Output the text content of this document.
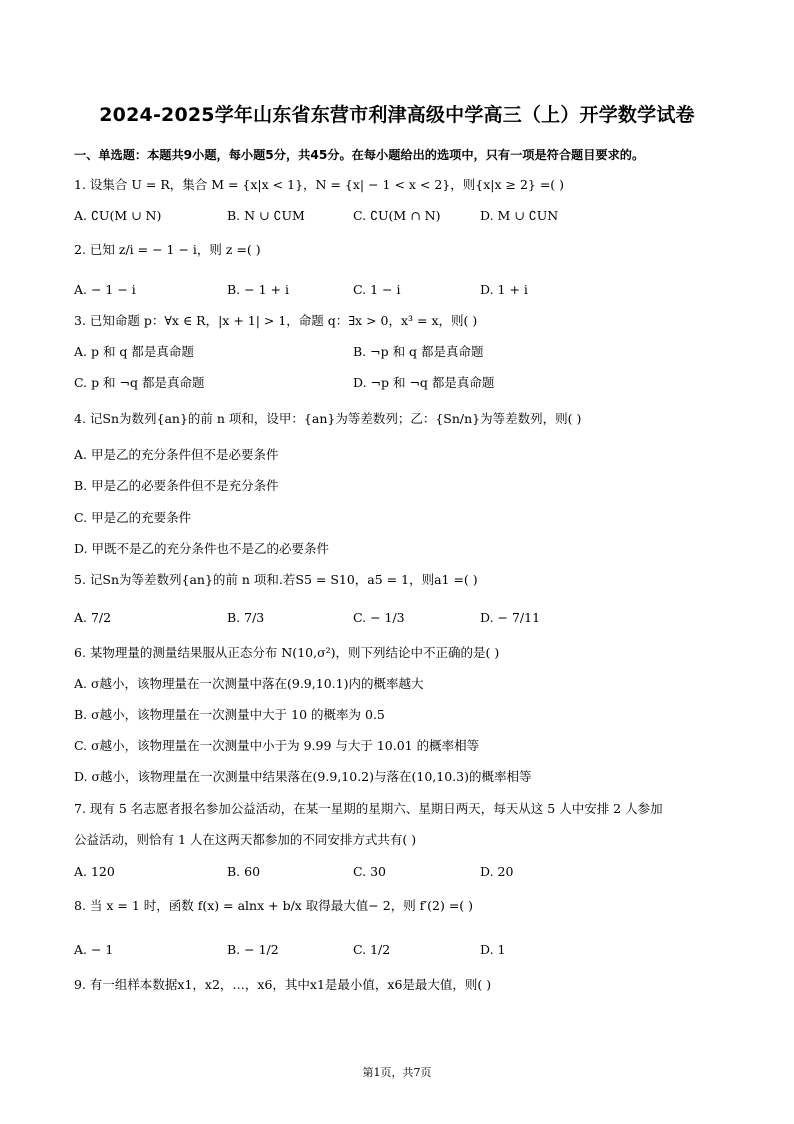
2024-2025学年山东省东营市利津高级中学高三（上）开学数学试卷
一、单选题：本题共9小题，每小题5分，共45分。在每小题给出的选项中，只有一项是符合题目要求的。
1. 设集合 U = R，集合 M = {x|x < 1}，N = {x| − 1 < x < 2}，则{x|x ≥ 2} =( )
A. ∁U(M ∪ N)	B. N ∪ ∁UM	C. ∁U(M ∩ N)	D. M ∪ ∁UN
2. 已知 z/i = − 1 − i，则 z =( )
A. − 1 − i	B. − 1 + i	C. 1 − i	D. 1 + i
3. 已知命题 p：∀x ∈ R，|x + 1| > 1，命题 q：∃x > 0，x³ = x，则( )
A. p 和 q 都是真命题	B. ¬p 和 q 都是真命题
C. p 和 ¬q 都是真命题	D. ¬p 和 ¬q 都是真命题
4. 记Sn为数列{an}的前 n 项和，设甲：{an}为等差数列；乙：{Sn/n}为等差数列，则( )
A. 甲是乙的充分条件但不是必要条件
B. 甲是乙的必要条件但不是充分条件
C. 甲是乙的充要条件
D. 甲既不是乙的充分条件也不是乙的必要条件
5. 记Sn为等差数列{an}的前 n 项和.若S5 = S10，a5 = 1，则a1 =( )
A. 7/2	B. 7/3	C. − 1/3	D. − 7/11
6. 某物理量的测量结果服从正态分布 N(10,σ²)，则下列结论中不正确的是( )
A. σ越小，该物理量在一次测量中落在(9.9,10.1)内的概率越大
B. σ越小，该物理量在一次测量中大于 10 的概率为 0.5
C. σ越小，该物理量在一次测量中小于为 9.99 与大于 10.01 的概率相等
D. σ越小，该物理量在一次测量中结果落在(9.9,10.2)与落在(10,10.3)的概率相等
7. 现有 5 名志愿者报名参加公益活动，在某一星期的星期六、星期日两天，每天从这 5 人中安排 2 人参加
公益活动，则恰有 1 人在这两天都参加的不同安排方式共有( )
A. 120	B. 60	C. 30	D. 20
8. 当 x = 1 时，函数 f(x) = alnx + b/x 取得最大值− 2，则 f′(2) =( )
A. − 1	B. − 1/2	C. 1/2	D. 1
9. 有一组样本数据x1，x2，…，x6，其中x1是最小值，x6是最大值，则( )
第1页，共7页
